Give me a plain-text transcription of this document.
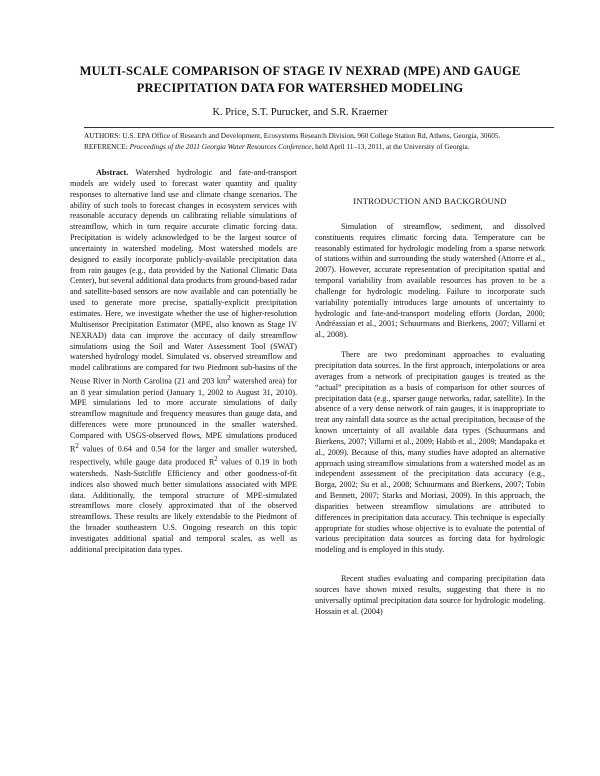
MULTI-SCALE COMPARISON OF STAGE IV NEXRAD (MPE) AND GAUGE
PRECIPITATION DATA FOR WATERSHED MODELING
K. Price, S.T. Purucker, and S.R. Kraemer
AUTHORS: U.S. EPA Office of Research and Development, Ecosystems Research Division, 960 College Station Rd, Athens, Georgia, 30605.
REFERENCE: Proceedings of the 2011 Georgia Water Resources Conference, held April 11–13, 2011, at the University of Georgia.

Abstract. Watershed hydrologic and fate-and-transport models are widely used to forecast water quantity and quality responses to alternative land use and climate change scenarios. The ability of such tools to forecast changes in ecosystem services with reasonable accuracy depends on calibrating reliable simulations of streamflow, which in turn require accurate climatic forcing data. Precipitation is widely acknowledged to be the largest source of uncertainty in watershed modeling. Most watershed models are designed to easily incorporate publicly-available precipitation data from rain gauges (e.g., data provided by the National Climatic Data Center), but several additional data products from ground-based radar and satellite-based sensors are now available and can potentially be used to generate more precise, spatially-explicit precipitation estimates. Here, we investigate whether the use of higher-resolution Multisensor Precipitation Estimator (MPE, also known as Stage IV NEXRAD) data can improve the accuracy of daily streamflow simulations using the Soil and Water Assessment Tool (SWAT) watershed hydrology model. Simulated vs. observed streamflow and model calibrations are compared for two Piedmont sub-basins of the Neuse River in North Carolina (21 and 203 $km^2$ watershed area) for an 8 year simulation period (January 1, 2002 to August 31, 2010). MPE simulations led to more accurate simulations of daily streamflow magnitude and frequency measures than gauge data, and differences were more pronounced in the smaller watershed. Compared with USGS-observed flows, MPE simulations produced $R^2$ values of 0.64 and 0.54 for the larger and smaller watershed, respectively, while gauge data produced $R^2$ values of 0.19 in both watersheds. Nash-Sutcliffe Efficiency and other goodness-of-fit indices also showed much better simulations associated with MPE data. Additionally, the temporal structure of MPE-simulated streamflows more closely approximated that of the observed streamflows. These results are likely extendable to the Piedmont of the broader southeastern U.S. Ongoing research on this topic investigates additional spatial and temporal scales, as well as additional precipitation data types.

INTRODUCTION AND BACKGROUND

Simulation of streamflow, sediment, and dissolved constituents requires climatic forcing data. Temperature can be reasonably estimated for hydrologic modeling from a sparse network of stations within and surrounding the study watershed (Attorre et al., 2007). However, accurate representation of precipitation spatial and temporal variability from available resources has proven to be a challenge for hydrologic modeling. Failure to incorporate such variability potentially introduces large amounts of uncertainty to hydrologic and fate-and-transport modeling efforts (Jordan, 2000; Andréassian et al., 2001; Schuurmans and Bierkens, 2007; Villarni et al., 2008).

There are two predominant approaches to evaluating precipitation data sources. In the first approach, interpolations or area averages from a network of precipitation gauges is treated as the “actual” precipitation as a basis of comparison for other sources of precipitation data (e.g., sparser gauge networks, radar, satellite). In the absence of a very dense network of rain gauges, it is inappropriate to treat any rainfall data source as the actual precipitation, because of the known uncertainty of all available data types (Schuurmans and Bierkens, 2007; Villarni et al., 2009; Habib et al., 2009; Mandapaka et al., 2009). Because of this, many studies have adopted an alternative approach using streamflow simulations from a watershed model as an independent assessment of the precipitation data accuracy (e.g., Borga, 2002; Su et al., 2008; Schuurmans and Bierkens, 2007; Tobin and Bennett, 2007; Starks and Moriasi, 2009). In this approach, the disparities between streamflow simulations are attributed to differences in precipitation data accuracy. This technique is especially appropriate for studies whose objective is to evaluate the potential of various precipitation data sources as forcing data for hydrologic modeling and is employed in this study.

Recent studies evaluating and comparing precipitation data sources have shown mixed results, suggesting that there is no universally optimal precipitation data source for hydrologic modeling. Hossain et al. (2004)
